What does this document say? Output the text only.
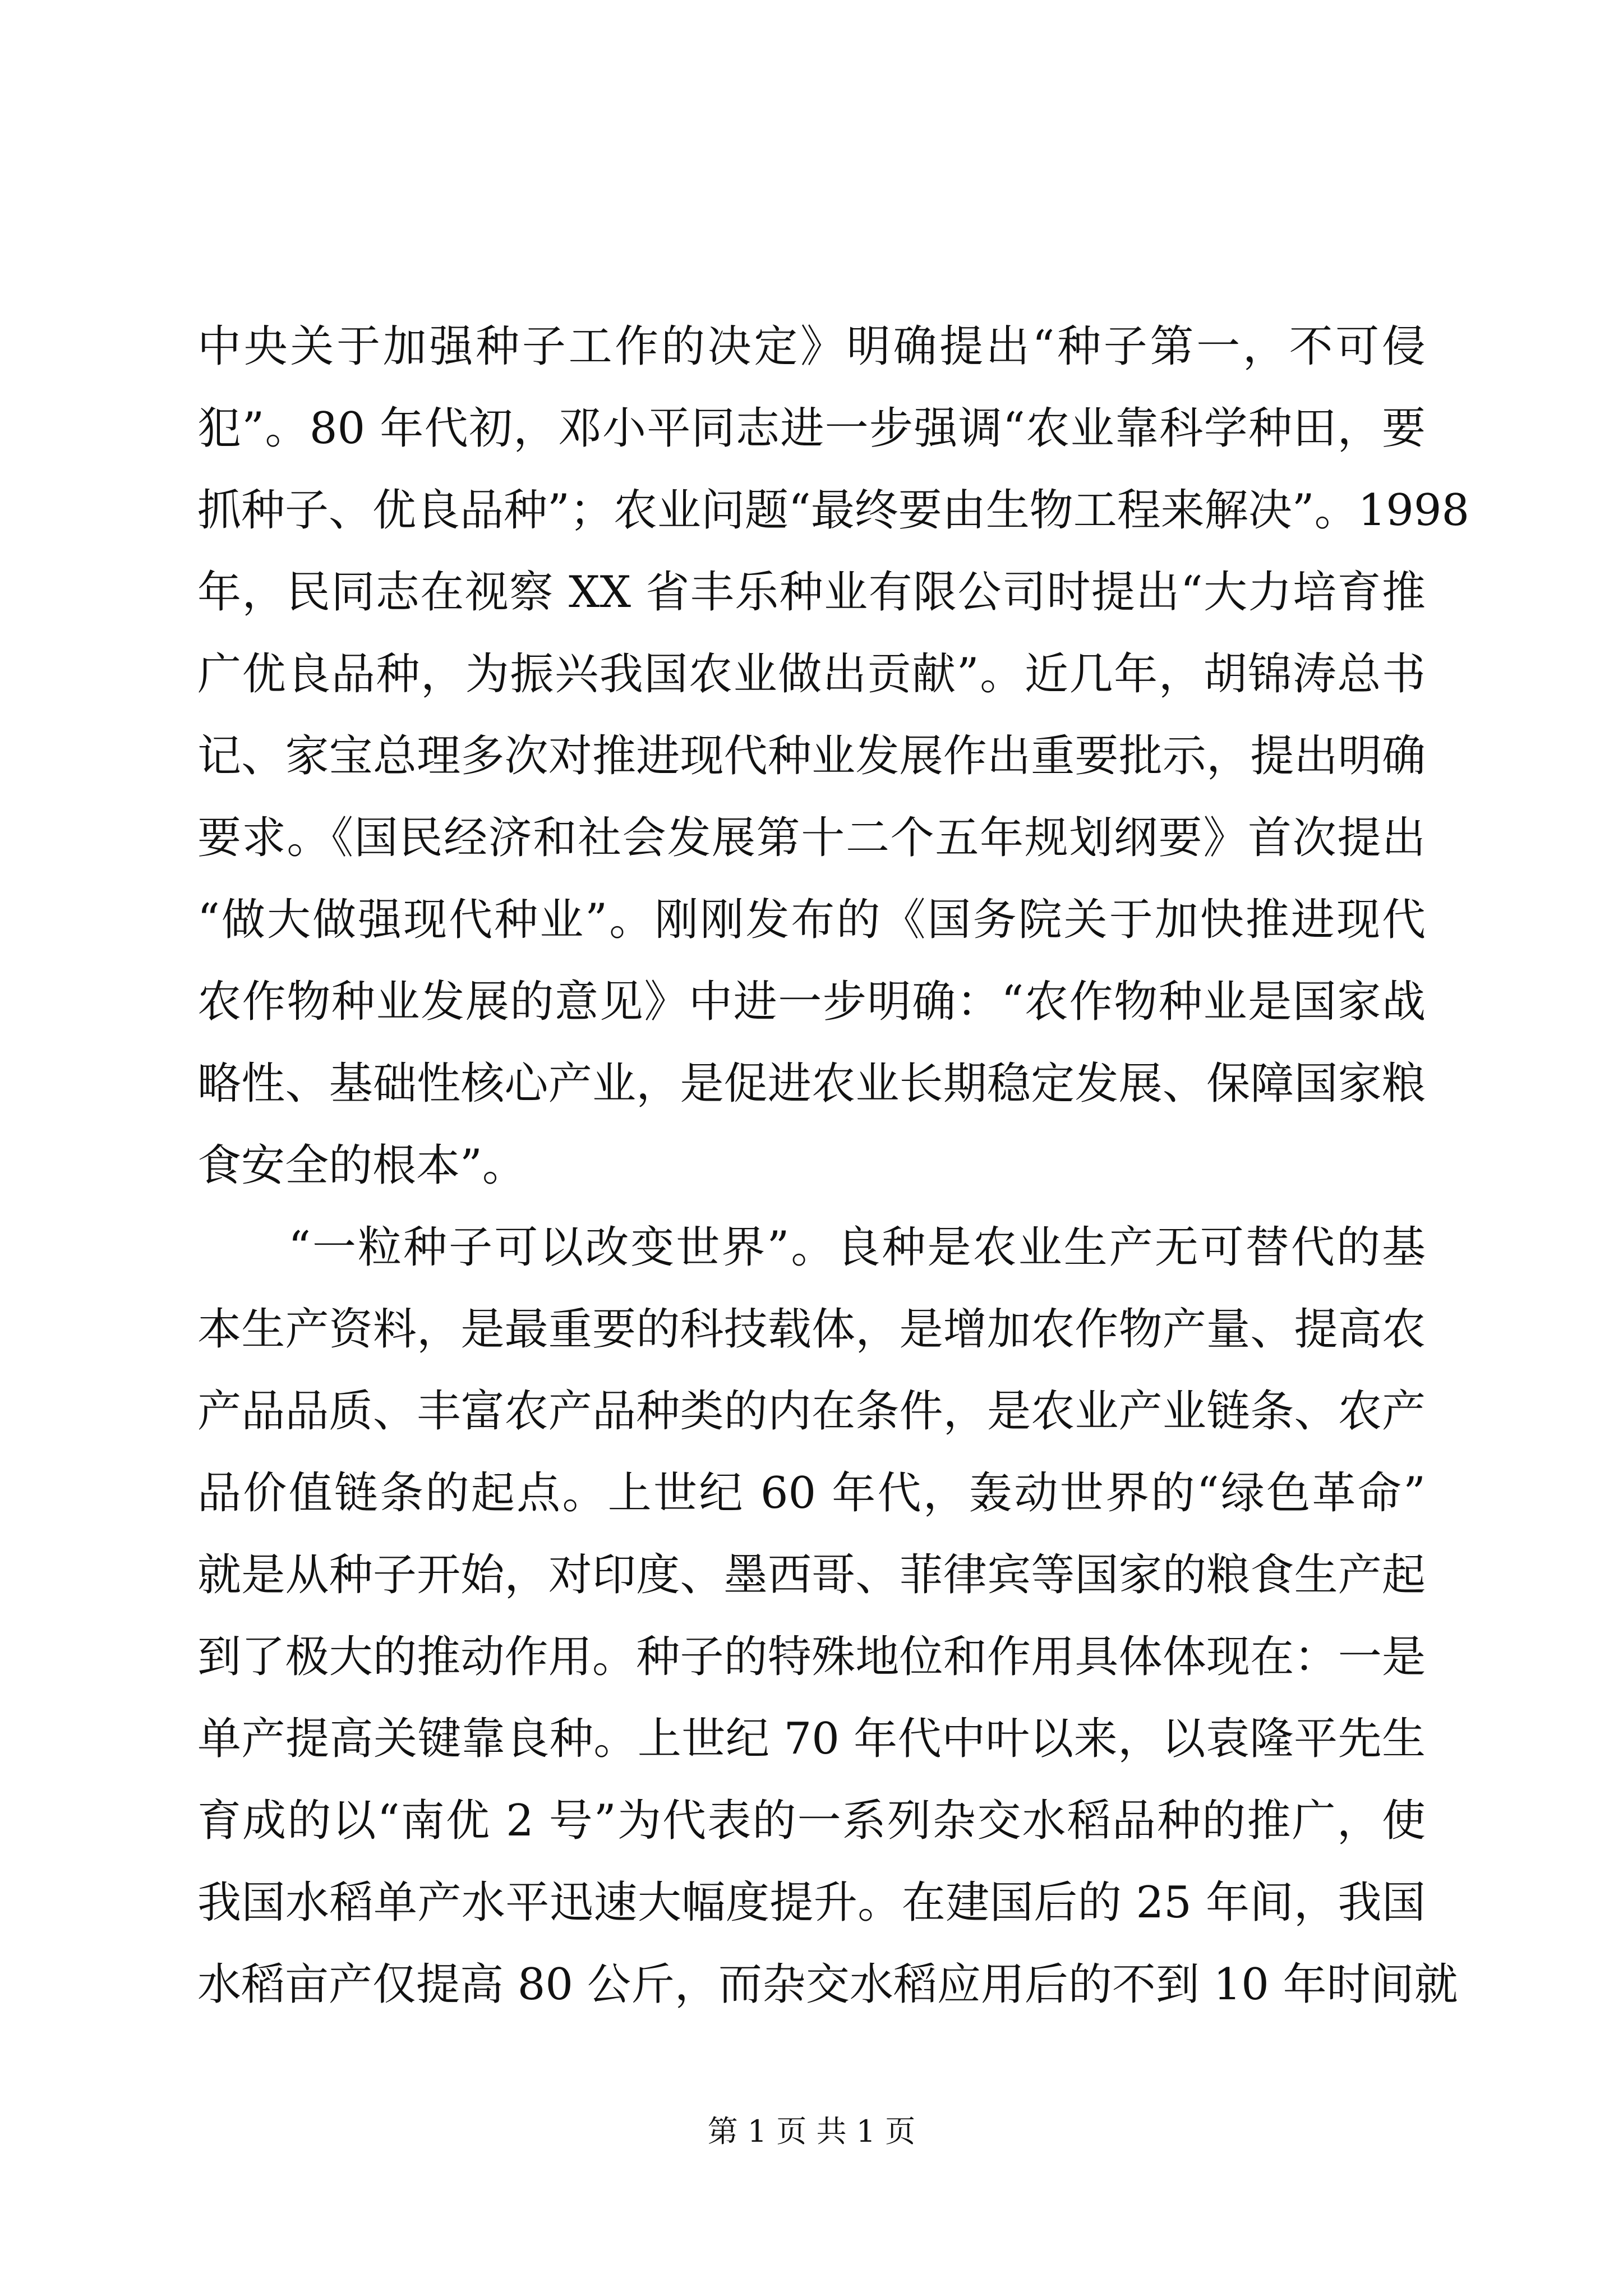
中央关于加强种子工作的决定》明确提出“种子第一，不可侵
犯”。80 年代初，邓小平同志进一步强调“农业靠科学种田，要
抓种子、优良品种”；农业问题“最终要由生物工程来解决”。1998
年，民同志在视察 XX 省丰乐种业有限公司时提出“大力培育推
广优良品种，为振兴我国农业做出贡献”。近几年，胡锦涛总书
记、家宝总理多次对推进现代种业发展作出重要批示，提出明确
要求。《国民经济和社会发展第十二个五年规划纲要》首次提出
“做大做强现代种业”。刚刚发布的《国务院关于加快推进现代
农作物种业发展的意见》中进一步明确：“农作物种业是国家战
略性、基础性核心产业，是促进农业长期稳定发展、保障国家粮
食安全的根本”。
　　“一粒种子可以改变世界”。良种是农业生产无可替代的基
本生产资料，是最重要的科技载体，是增加农作物产量、提高农
产品品质、丰富农产品种类的内在条件，是农业产业链条、农产
品价值链条的起点。上世纪 60 年代，轰动世界的“绿色革命”
就是从种子开始，对印度、墨西哥、菲律宾等国家的粮食生产起
到了极大的推动作用。种子的特殊地位和作用具体体现在：一是
单产提高关键靠良种。上世纪 70 年代中叶以来，以袁隆平先生
育成的以“南优 2 号”为代表的一系列杂交水稻品种的推广，使
我国水稻单产水平迅速大幅度提升。在建国后的 25 年间，我国
水稻亩产仅提高 80 公斤，而杂交水稻应用后的不到 10 年时间就
第 1 页 共 1 页
